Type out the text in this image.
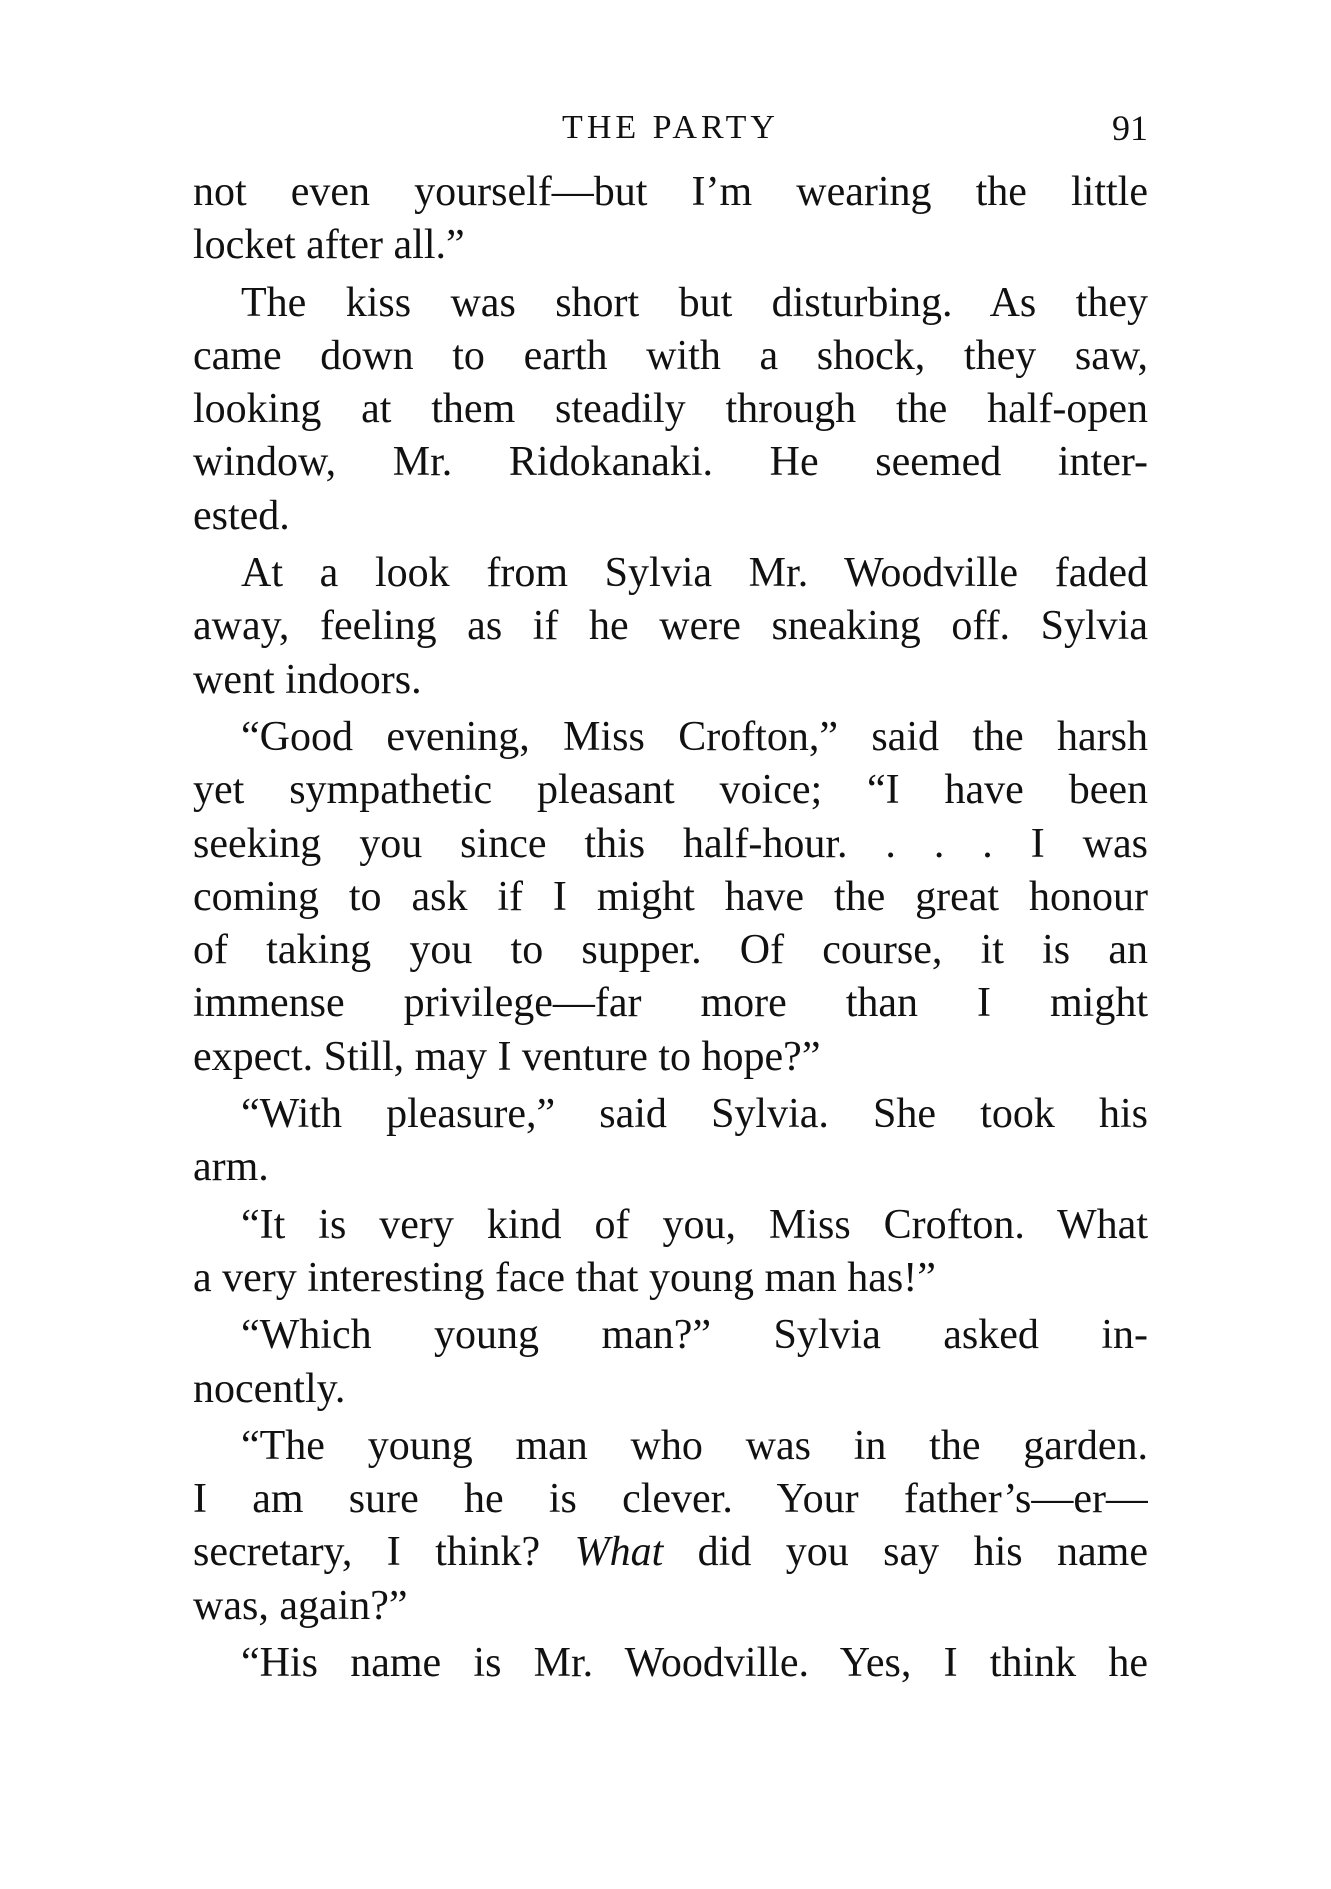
THE PARTY	91
not even yourself—but I’m wearing the little
locket after all.”
The kiss was short but disturbing. As they
came down to earth with a shock, they saw,
looking at them steadily through the half-open
window, Mr. Ridokanaki. He seemed inter-
ested.
At a look from Sylvia Mr. Woodville faded
away, feeling as if he were sneaking off. Sylvia
went indoors.
“Good evening, Miss Crofton,” said the harsh
yet sympathetic pleasant voice; “I have been
seeking you since this half-hour. . . . I was
coming to ask if I might have the great honour
of taking you to supper. Of course, it is an
immense privilege—far more than I might
expect. Still, may I venture to hope?”
“With pleasure,” said Sylvia. She took his
arm.
“It is very kind of you, Miss Crofton. What
a very interesting face that young man has!”
“Which young man?” Sylvia asked in-
nocently.
“The young man who was in the garden.
I am sure he is clever. Your father’s—er—
secretary, I think? What did you say his name
was, again?”
“His name is Mr. Woodville. Yes, I think he
